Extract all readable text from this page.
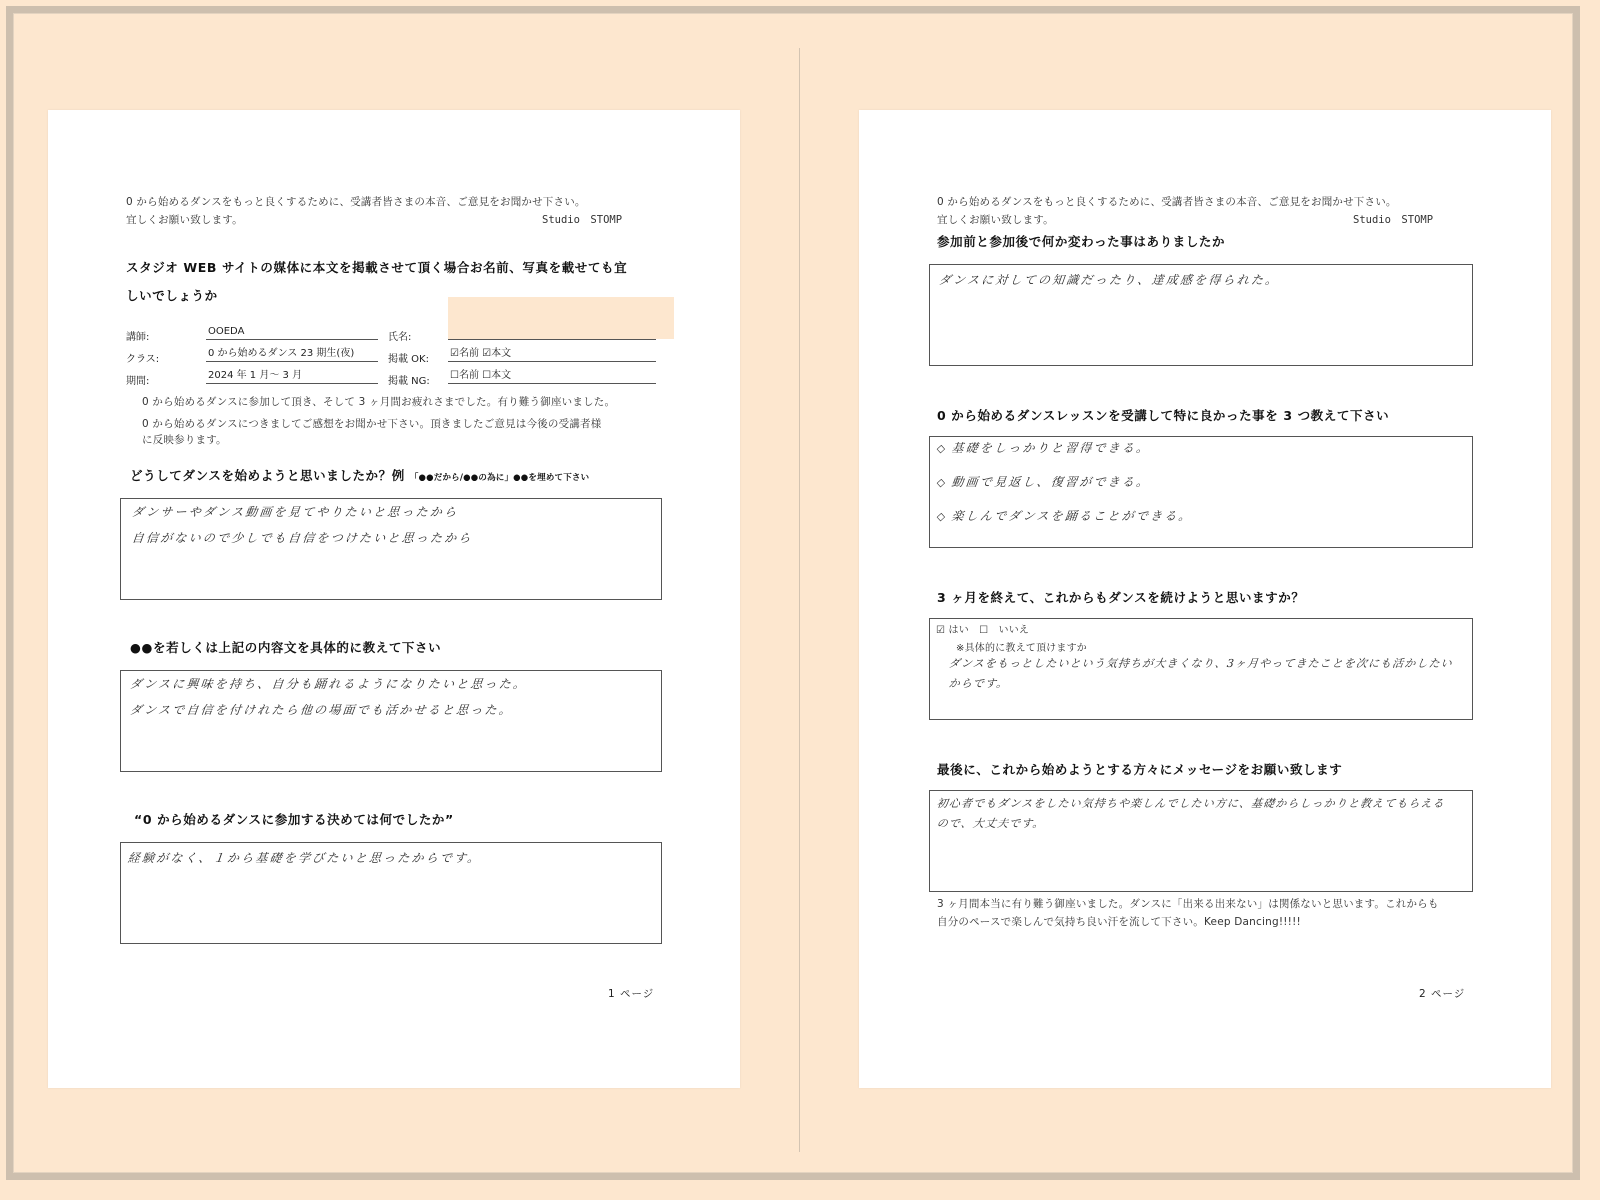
0 から始めるダンスをもっと良くするために、受講者皆さまの本音、ご意見をお聞かせ下さい。
宜しくお願い致します。	Studio　STOMP
スタジオ WEB サイトの媒体に本文を掲載させて頂く場合お名前、写真を載せても宜
しいでしょうか
講師:
OOEDA
氏名:
クラス:
0 から始めるダンス 23 期生(夜)
掲載 OK:
☑名前 ☑本文
期間:
2024 年 1 月～ 3 月
掲載 NG:
☐名前 ☐本文
0 から始めるダンスに参加して頂き、そして 3 ヶ月間お疲れさまでした。有り難う御座いました。
0 から始めるダンスにつきましてご感想をお聞かせ下さい。頂きましたご意見は今後の受講者様
に反映参ります。
どうしてダンスを始めようと思いましたか？例 「●●だから/●●の為に」●●を埋めて下さい
ダンサーやダンス動画を見てやりたいと思ったから
自信がないので少しでも自信をつけたいと思ったから
●●を若しくは上記の内容文を具体的に教えて下さい
ダンスに興味を持ち、自分も踊れるようになりたいと思った。
ダンスで自信を付けれたら他の場面でも活かせると思った。
“0 から始めるダンスに参加する決めては何でしたか”
経験がなく、１から基礎を学びたいと思ったからです。
1 ページ
0 から始めるダンスをもっと良くするために、受講者皆さまの本音、ご意見をお聞かせ下さい。
宜しくお願い致します。	Studio　STOMP
参加前と参加後で何か変わった事はありましたか
ダンスに対しての知識だったり、達成感を得られた。
0 から始めるダンスレッスンを受講して特に良かった事を 3 つ教えて下さい
◇ 基礎をしっかりと習得できる。
◇ 動画で見返し、復習ができる。
◇ 楽しんでダンスを踊ることができる。
3 ヶ月を終えて、これからもダンスを続けようと思いますか？
☑ はい　☐　いいえ
※具体的に教えて頂けますか
ダンスをもっとしたいという気持ちが大きくなり、3ヶ月やってきたことを次にも活かしたい
からです。
最後に、これから始めようとする方々にメッセージをお願い致します
初心者でもダンスをしたい気持ちや楽しんでしたい方に、基礎からしっかりと教えてもらえる
ので、大丈夫です。
3 ヶ月間本当に有り難う御座いました。ダンスに「出来る出来ない」は関係ないと思います。これからも
自分のペースで楽しんで気持ち良い汗を流して下さい。Keep Dancing!!!!!
2 ページ
